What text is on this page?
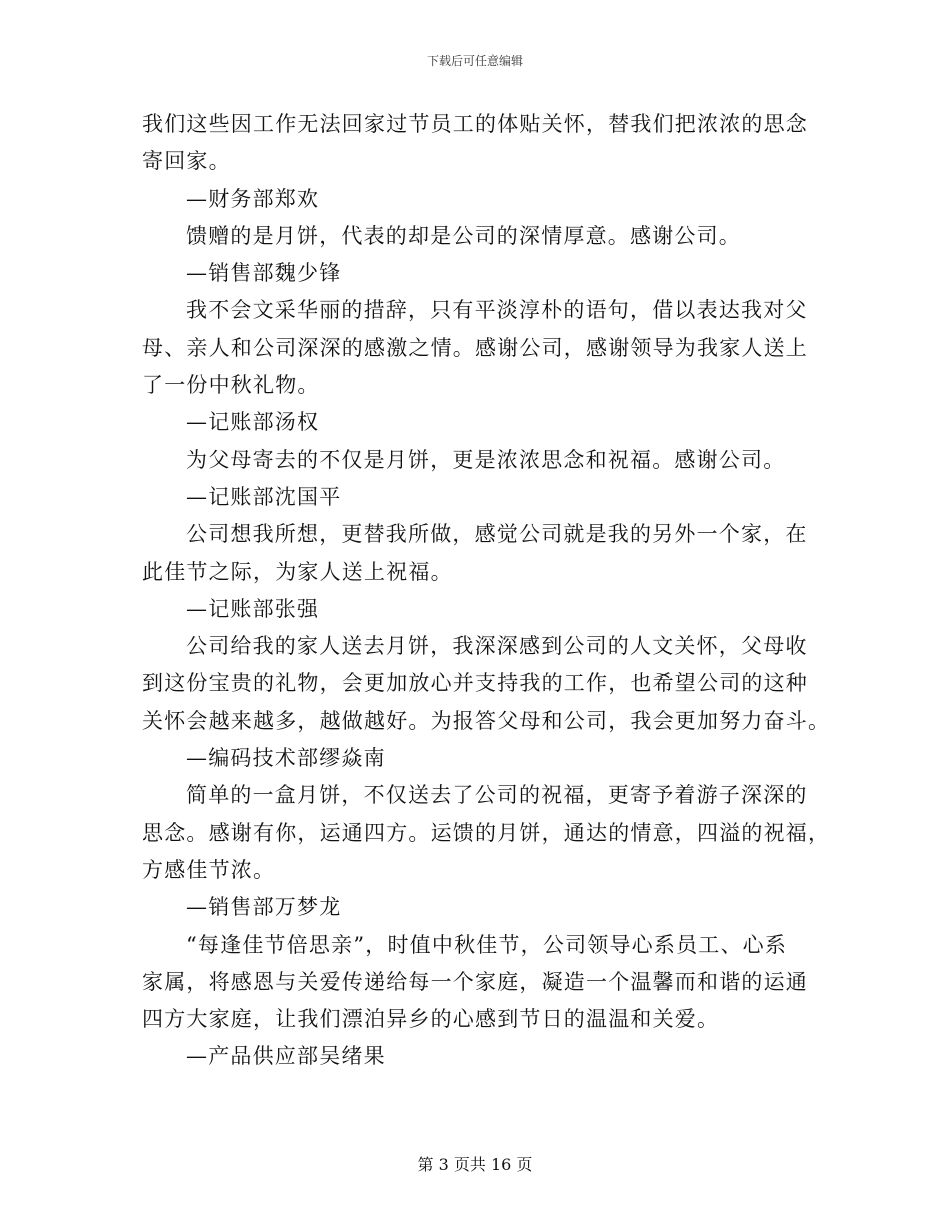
下载后可任意编辑
我们这些因工作无法回家过节员工的体贴关怀，替我们把浓浓的思念
寄回家。
—财务部郑欢
馈赠的是月饼，代表的却是公司的深情厚意。感谢公司。
—销售部魏少锋
我不会文采华丽的措辞，只有平淡淳朴的语句，借以表达我对父
母、亲人和公司深深的感激之情。感谢公司，感谢领导为我家人送上
了一份中秋礼物。
—记账部汤权
为父母寄去的不仅是月饼，更是浓浓思念和祝福。感谢公司。
—记账部沈国平
公司想我所想，更替我所做，感觉公司就是我的另外一个家，在
此佳节之际，为家人送上祝福。
—记账部张强
公司给我的家人送去月饼，我深深感到公司的人文关怀，父母收
到这份宝贵的礼物，会更加放心并支持我的工作，也希望公司的这种
关怀会越来越多，越做越好。为报答父母和公司，我会更加努力奋斗。
—编码技术部缪焱南
简单的一盒月饼，不仅送去了公司的祝福，更寄予着游子深深的
思念。感谢有你，运通四方。运馈的月饼，通达的情意，四溢的祝福，
方感佳节浓。
—销售部万梦龙
“每逢佳节倍思亲”，时值中秋佳节，公司领导心系员工、心系
家属，将感恩与关爱传递给每一个家庭，凝造一个温馨而和谐的运通
四方大家庭，让我们漂泊异乡的心感到节日的温温和关爱。
—产品供应部吴绪果
第 3 页共 16 页
